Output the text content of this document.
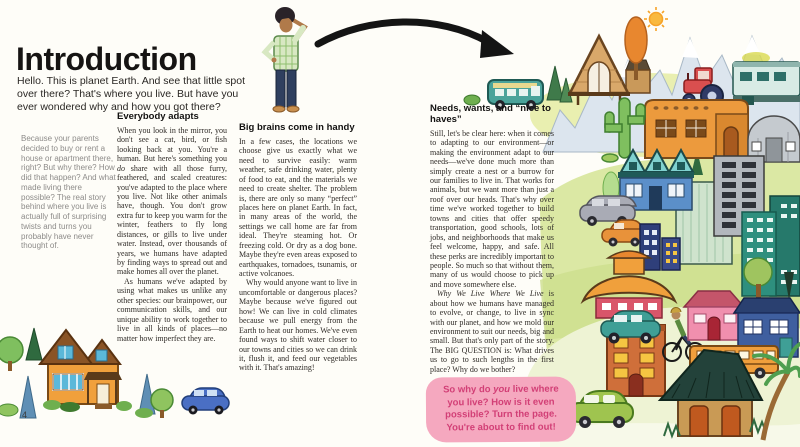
Introduction

Hello. This is planet Earth. And see that little spot over there? That's where you live. But have you ever wondered why and how you got there?

Because your parents decided to buy or rent a house or apartment there, right? But why there? How did that happen? And what made living there possible? The real story behind where you live is actually full of surprising twists and turns you probably have never thought of.

Everybody adapts

When you look in the mirror, you don't see a cat, bird, or fish looking back at you. You're a human. But here's something you do share with all those furry, feathered, and scaled creatures: you've adapted to the place where you live. Not like other animals have, though. You don't grow extra fur to keep you warm for the winter, feathers to fly long distances, or gills to live under water. Instead, over thousands of years, we humans have adapted by finding ways to spread out and make homes all over the planet.

As humans we've adapted by using what makes us unlike any other species: our brainpower, our communication skills, and our unique ability to work together to live in all kinds of places—no matter how imperfect they are.

Big brains come in handy

In a few cases, the locations we choose give us exactly what we need to survive easily: warm weather, safe drinking water, plenty of food to eat, and the materials we need to create shelter. The problem is, there are only so many “perfect” places here on planet Earth. In fact, in many areas of the world, the settings we call home are far from ideal. They're steaming hot. Or freezing cold. Or dry as a dog bone. Maybe they're even areas exposed to earthquakes, tornadoes, tsunamis, or active volcanoes.

Why would anyone want to live in uncomfortable or dangerous places? Maybe because we've figured out how! We can live in cold climates because we pull energy from the Earth to heat our homes. We've even found ways to shift water closer to our towns and cities so we can drink it, flush it, and feed our vegetables with it. That's amazing!

Needs, wants, and “nice to haves”

Still, let's be clear here: when it comes to adapting to our environment—or making the environment adapt to our needs—we've done much more than simply create a nest or a burrow for our families to live in. That works for animals, but we want more than just a roof over our heads. That's why over time we've worked together to build towns and cities that offer speedy transportation, good schools, lots of jobs, and neighborhoods that make us feel welcome, happy, and safe. All these perks are incredibly important to people. So much so that without them, many of us would choose to pick up and move somewhere else.

Why We Live Where We Live is about how we humans have managed to evolve, or change, to live in sync with our planet, and how we mold our environment to suit our needs, big and small. But that's only part of the story. The BIG QUESTION is: What drives us to go to such lengths in the first place? Why do we bother?

So why do you live where you live? How is it even possible? Turn the page. You're about to find out!
4
